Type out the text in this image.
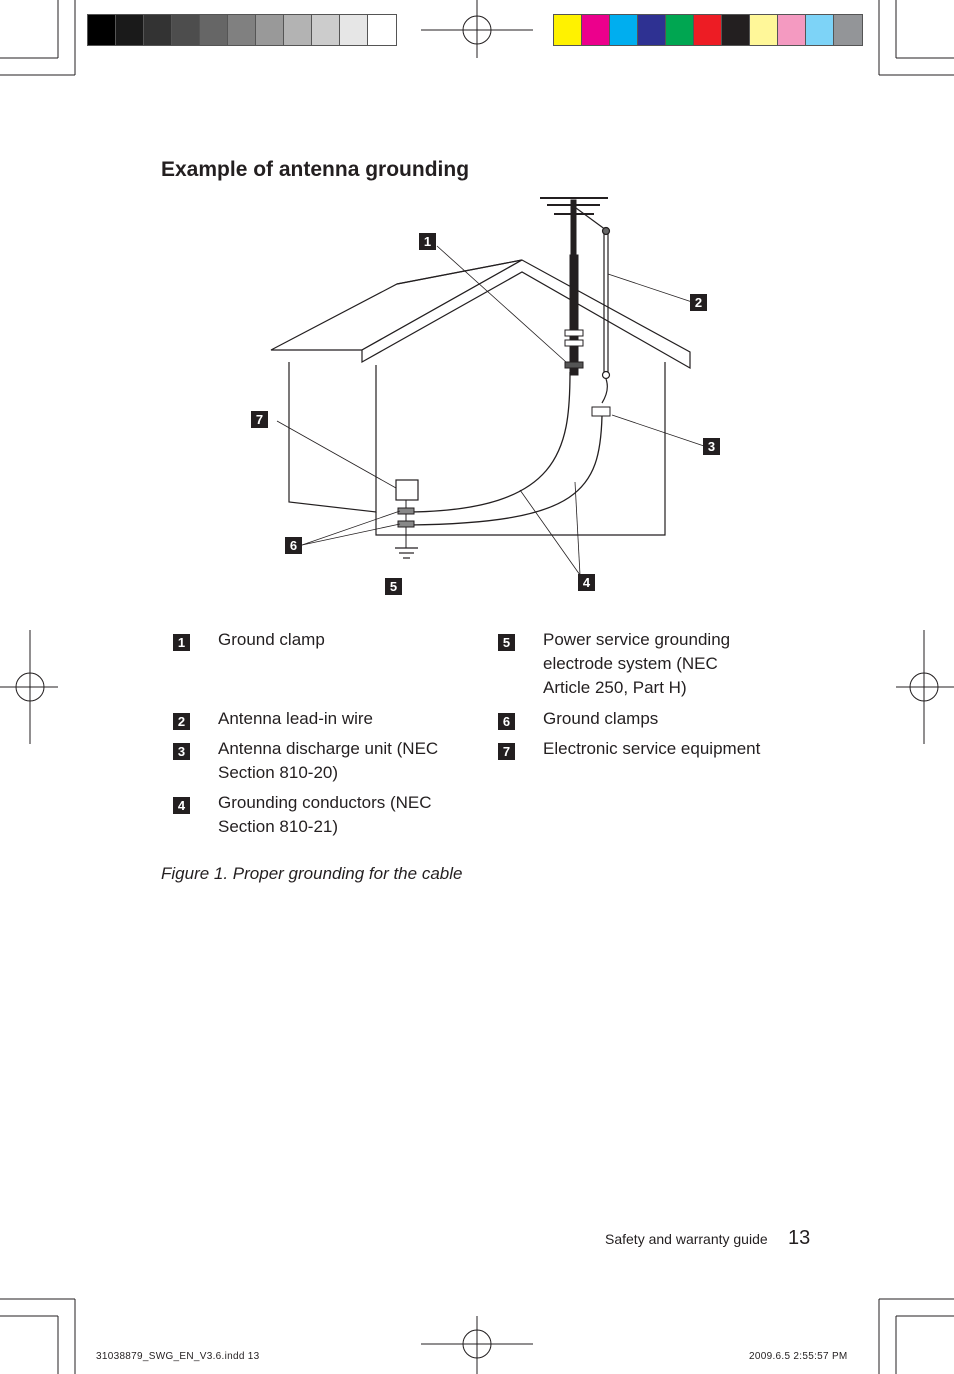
Example of antenna grounding
1
2
3
4
5
6
7
1 Ground clamp
2 Antenna lead-in wire
3 Antenna discharge unit (NEC Section 810-20)
4 Grounding conductors (NEC Section 810-21)
5 Power service grounding electrode system (NEC Article 250, Part H)
6 Ground clamps
7 Electronic service equipment
Figure 1. Proper grounding for the cable
Safety and warranty guide 13
31038879_SWG_EN_V3.6.indd 13	2009.6.5 2:55:57 PM
